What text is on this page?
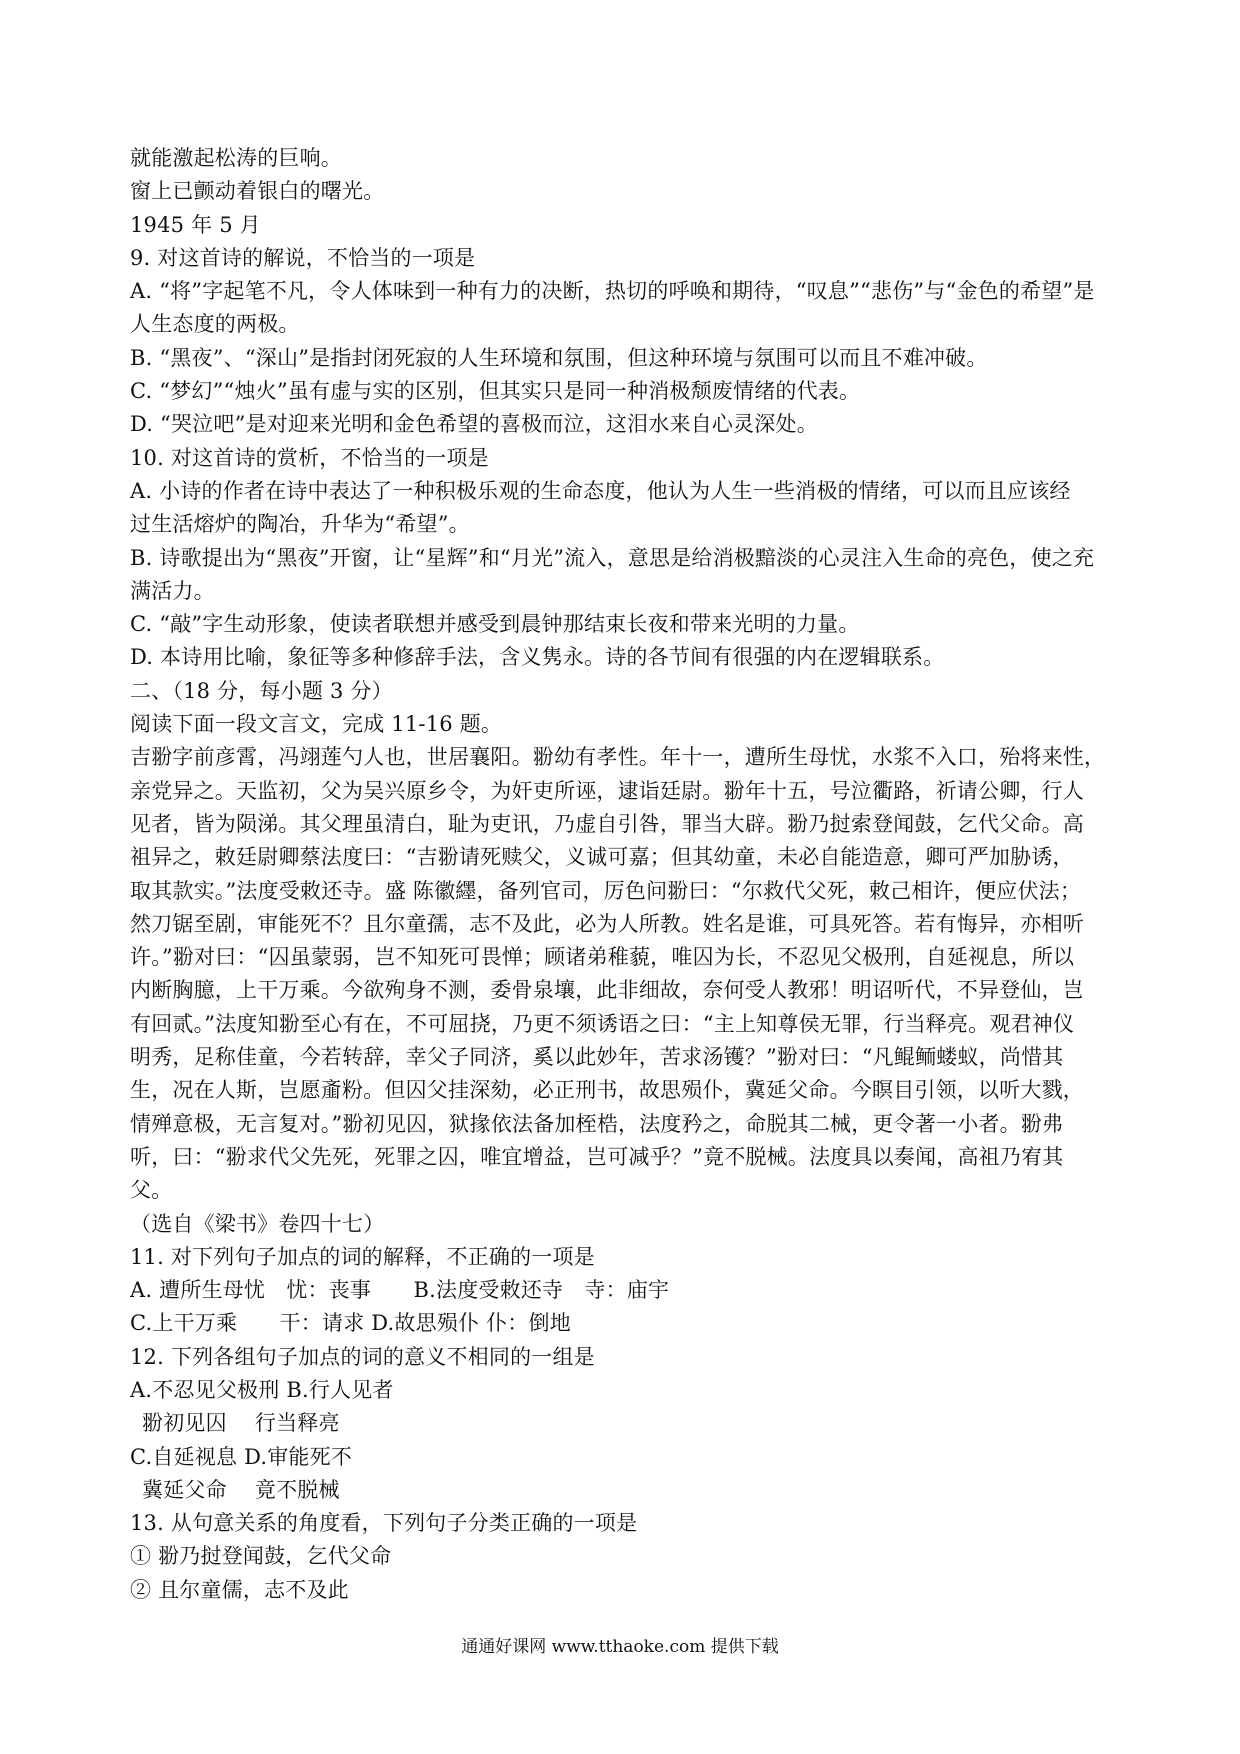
就能激起松涛的巨响。
窗上已颤动着银白的曙光。
1945 年 5 月
9. 对这首诗的解说，不恰当的一项是
A. “将”字起笔不凡，令人体味到一种有力的决断，热切的呼唤和期待，“叹息”“悲伤”与“金色的希望”是
人生态度的两极。
B. “黑夜”、“深山”是指封闭死寂的人生环境和氛围，但这种环境与氛围可以而且不难冲破。
C. “梦幻”“烛火”虽有虚与实的区别，但其实只是同一种消极颓废情绪的代表。
D. “哭泣吧”是对迎来光明和金色希望的喜极而泣，这泪水来自心灵深处。
10. 对这首诗的赏析，不恰当的一项是
A. 小诗的作者在诗中表达了一种积极乐观的生命态度，他认为人生一些消极的情绪，可以而且应该经
过生活熔炉的陶冶，升华为“希望”。
B. 诗歌提出为“黑夜”开窗，让“星辉”和“月光”流入，意思是给消极黯淡的心灵注入生命的亮色，使之充
满活力。
C. “敲”字生动形象，使读者联想并感受到晨钟那结束长夜和带来光明的力量。
D. 本诗用比喻，象征等多种修辞手法，含义隽永。诗的各节间有很强的内在逻辑联系。
二、（18 分，每小题 3 分）
阅读下面一段文言文，完成 11-16 题。
吉翂字前彦霄，冯翊莲勺人也，世居襄阳。翂幼有孝性。年十一，遭所生母忧，水浆不入口，殆将来性，
亲党异之。天监初，父为吴兴原乡令，为奸吏所诬，逮诣廷尉。翂年十五，号泣衢路，祈请公卿，行人
见者，皆为陨涕。其父理虽清白，耻为吏讯，乃虚自引咎，罪当大辟。翂乃挝索登闻鼓，乞代父命。高
祖异之，敕廷尉卿蔡法度曰：“吉翂请死赎父，义诚可嘉；但其幼童，未必自能造意，卿可严加胁诱，
取其款实。”法度受敕还寺。盛 陈徽纆，备列官司，厉色问翂曰：“尔救代父死，敕己相许，便应伏法；
然刀锯至剧，审能死不？且尔童孺，志不及此，必为人所教。姓名是谁，可具死答。若有悔异，亦相听
许。”翂对曰：“囚虽蒙弱，岂不知死可畏惮；顾诸弟稚藐，唯囚为长，不忍见父极刑，自延视息，所以
内断胸臆，上干万乘。今欲殉身不测，委骨泉壤，此非细故，奈何受人教邪！明诏听代，不异登仙，岂
有回贰。”法度知翂至心有在，不可屈挠，乃更不须诱语之曰：“主上知尊侯无罪，行当释亮。观君神仪
明秀，足称佳童，今若转辞，幸父子同济，奚以此妙年，苦求汤镬？”翂对曰：“凡鲲鲕蝼蚁，尚惜其
生，况在人斯，岂愿齑粉。但囚父挂深劾，必正刑书，故思殒仆，冀延父命。今瞑目引领，以听大戮，
情殚意极，无言复对。”翂初见囚，狱掾依法备加桎梏，法度矜之，命脱其二械，更令著一小者。翂弗
听，曰：“翂求代父先死，死罪之囚，唯宜增益，岂可减乎？”竟不脱械。法度具以奏闻，高祖乃宥其
父。
（选自《梁书》卷四十七）
11. 对下列句子加点的词的解释，不正确的一项是
A. 遭所生母忧　忧：丧事　　B.法度受敕还寺　寺：庙宇
C.上干万乘　　干：请求 D.故思殒仆 仆：倒地
12. 下列各组句子加点的词的意义不相同的一组是
A.不忍见父极刑 B.行人见者
翂初见囚　 行当释亮
C.自延视息 D.审能死不
冀延父命　 竟不脱械
13. 从句意关系的角度看，下列句子分类正确的一项是
① 翂乃挝登闻鼓，乞代父命
② 且尔童儒，志不及此
通通好课网 www.tthaoke.com 提供下载
